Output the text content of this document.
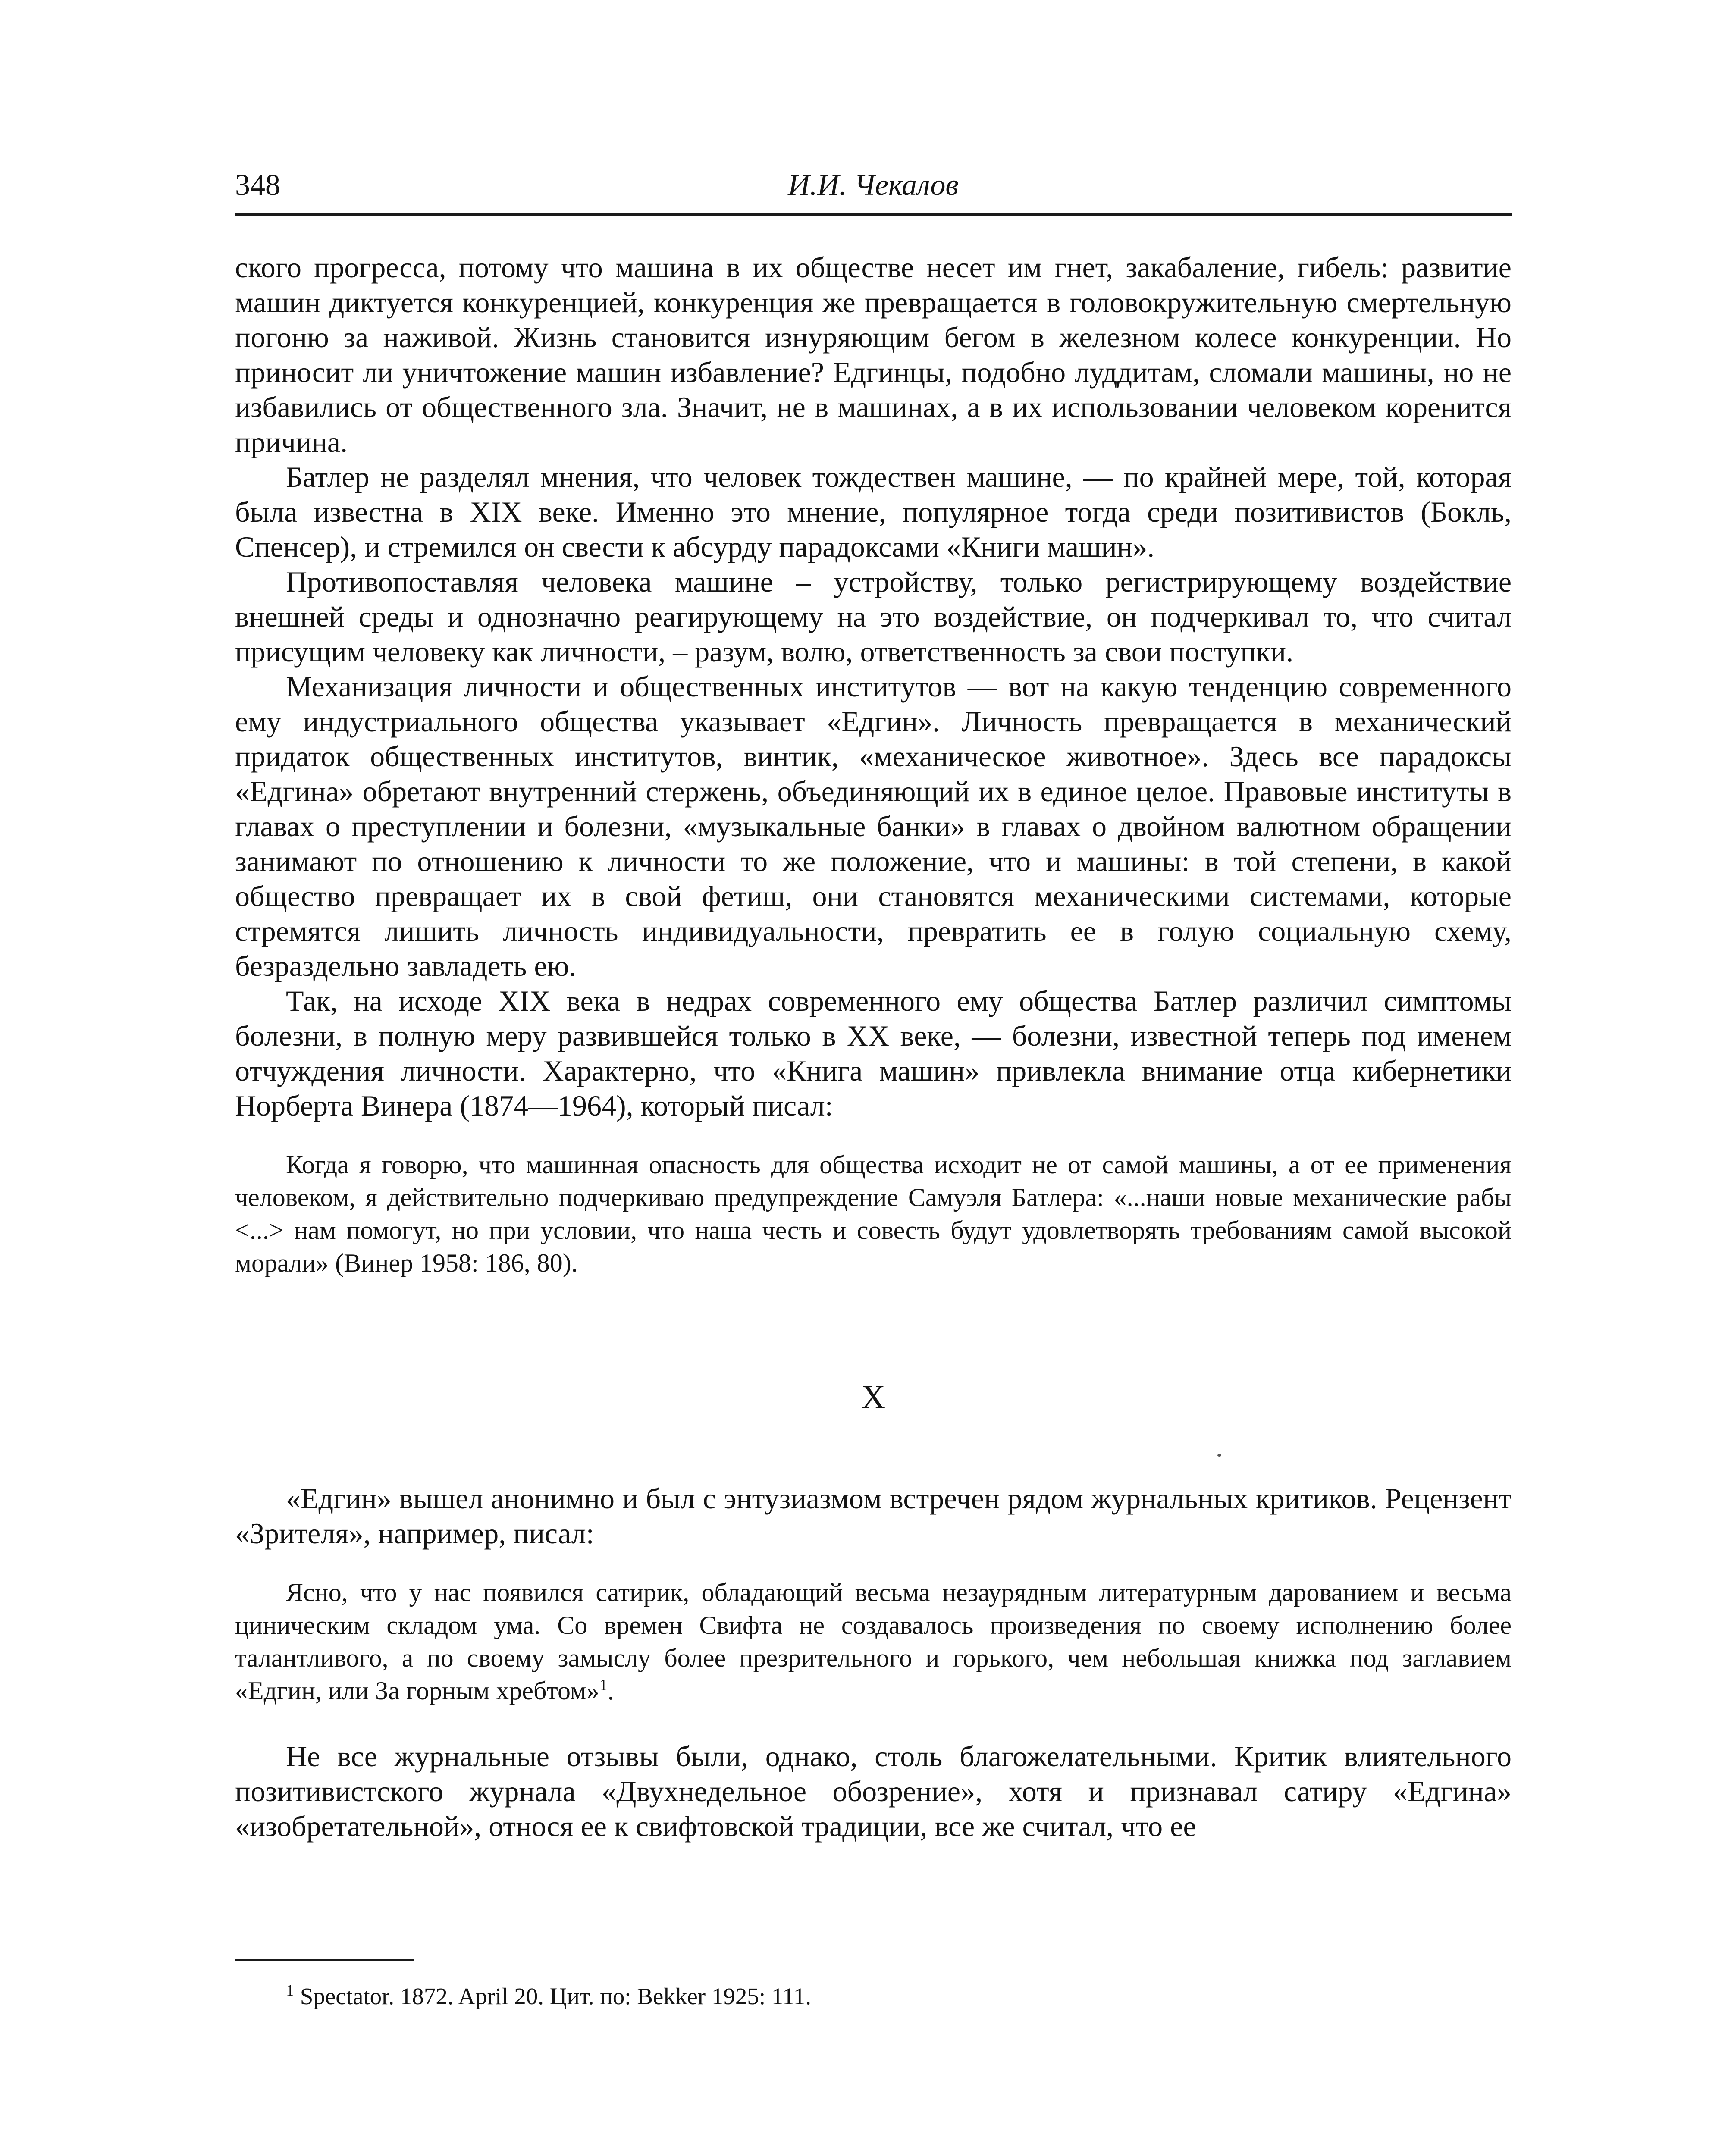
348	И.И. Чекалов

ского прогресса, потому что машина в их обществе несет им гнет, закабаление, гибель: развитие машин диктуется конкуренцией, конкуренция же превращается в головокружительную смертельную погоню за наживой. Жизнь становится изнуряющим бегом в железном колесе конкуренции. Но приносит ли уничтожение машин избавление? Едгинцы, подобно луддитам, сломали машины, но не избавились от общественного зла. Значит, не в машинах, а в их использовании человеком коренится причина.

Батлер не разделял мнения, что человек тождествен машине, — по крайней мере, той, которая была известна в XIX веке. Именно это мнение, популярное тогда среди позитивистов (Бокль, Спенсер), и стремился он свести к абсурду парадоксами «Книги машин».

Противопоставляя человека машине – устройству, только регистрирующему воздействие внешней среды и однозначно реагирующему на это воздействие, он подчеркивал то, что считал присущим человеку как личности, – разум, волю, ответственность за свои поступки.

Механизация личности и общественных институтов — вот на какую тенденцию современного ему индустриального общества указывает «Едгин». Личность превращается в механический придаток общественных институтов, винтик, «механическое животное». Здесь все парадоксы «Едгина» обретают внутренний стержень, объединяющий их в единое целое. Правовые институты в главах о преступлении и болезни, «музыкальные банки» в главах о двойном валютном обращении занимают по отношению к личности то же положение, что и машины: в той степени, в какой общество превращает их в свой фетиш, они становятся механическими системами, которые стремятся лишить личность индивидуальности, превратить ее в голую социальную схему, безраздельно завладеть ею.

Так, на исходе XIX века в недрах современного ему общества Батлер различил симптомы болезни, в полную меру развившейся только в XX веке, — болезни, известной теперь под именем отчуждения личности. Характерно, что «Книга машин» привлекла внимание отца кибернетики Норберта Винера (1874—1964), который писал:

Когда я говорю, что машинная опасность для общества исходит не от самой машины, а от ее применения человеком, я действительно подчеркиваю предупреждение Самуэля Батлера: «...наши новые механические рабы <...> нам помогут, но при условии, что наша честь и совесть будут удовлетворять требованиям самой высокой морали» (Винер 1958: 186, 80).

X

«Едгин» вышел анонимно и был с энтузиазмом встречен рядом журнальных критиков. Рецензент «Зрителя», например, писал:

Ясно, что у нас появился сатирик, обладающий весьма незаурядным литературным дарованием и весьма циническим складом ума. Со времен Свифта не создавалось произведения по своему исполнению более талантливого, а по своему замыслу более презрительного и горького, чем небольшая книжка под заглавием «Едгин, или За горным хребтом»$^1$.

Не все журнальные отзывы были, однако, столь благожелательными. Критик влиятельного позитивистского журнала «Двухнедельное обозрение», хотя и признавал сатиру «Едгина» «изобретательной», относя ее к свифтовской традиции, все же считал, что ее

$^1$ Spectator. 1872. April 20. Цит. по: Bekker 1925: 111.
